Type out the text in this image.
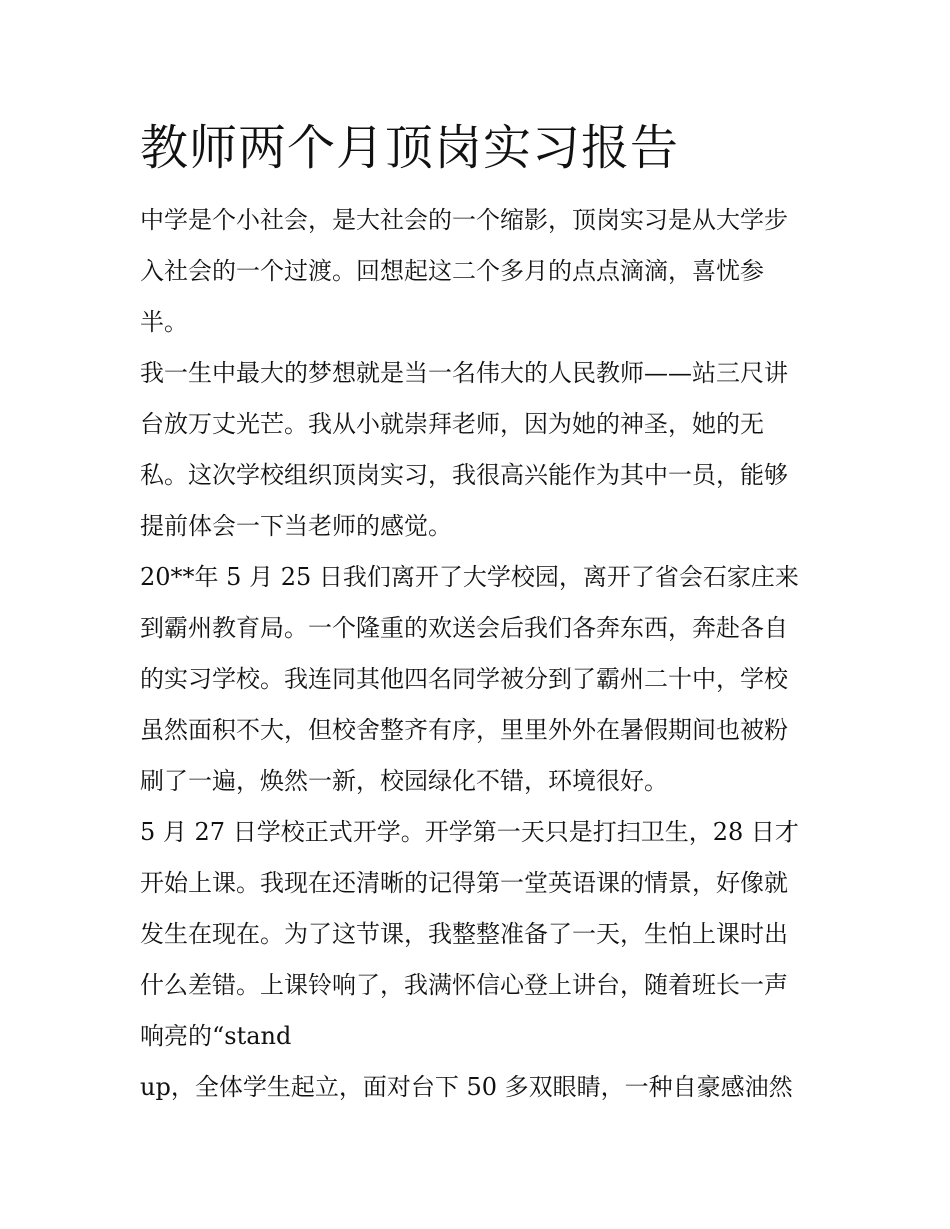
教师两个月顶岗实习报告
中学是个小社会，是大社会的一个缩影，顶岗实习是从大学步
入社会的一个过渡。回想起这二个多月的点点滴滴，喜忧参
半。
我一生中最大的梦想就是当一名伟大的人民教师——站三尺讲
台放万丈光芒。我从小就崇拜老师，因为她的神圣，她的无
私。这次学校组织顶岗实习，我很高兴能作为其中一员，能够
提前体会一下当老师的感觉。
20**年 5 月 25 日我们离开了大学校园，离开了省会石家庄来
到霸州教育局。一个隆重的欢送会后我们各奔东西，奔赴各自
的实习学校。我连同其他四名同学被分到了霸州二十中，学校
虽然面积不大，但校舍整齐有序，里里外外在暑假期间也被粉
刷了一遍，焕然一新，校园绿化不错，环境很好。
5 月 27 日学校正式开学。开学第一天只是打扫卫生，28 日才
开始上课。我现在还清晰的记得第一堂英语课的情景，好像就
发生在现在。为了这节课，我整整准备了一天，生怕上课时出
什么差错。上课铃响了，我满怀信心登上讲台，随着班长一声
响亮的“stand
up，全体学生起立，面对台下 50 多双眼睛，一种自豪感油然
